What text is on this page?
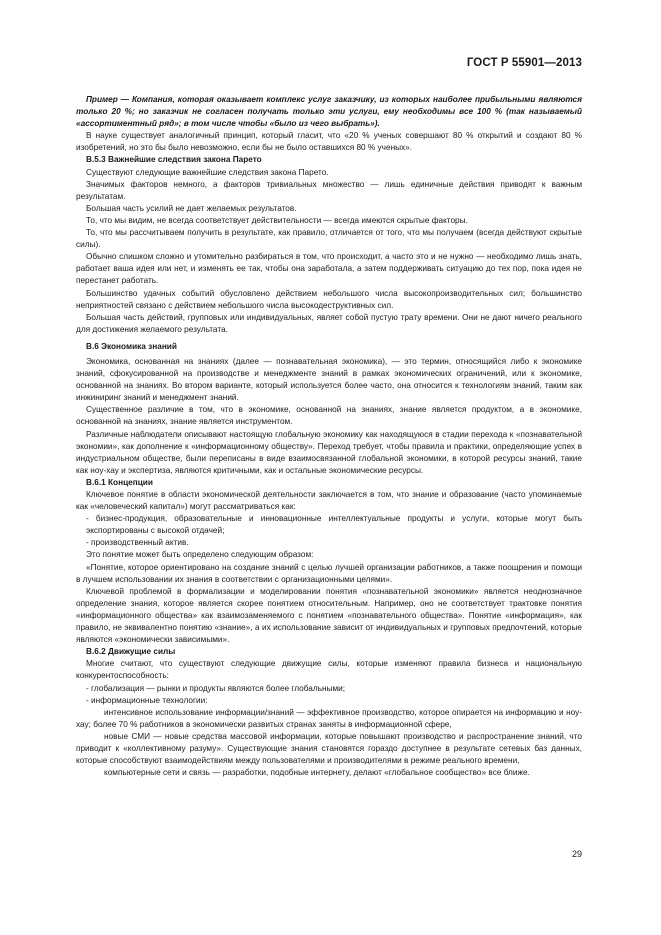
ГОСТ Р 55901—2013

Пример — Компания, которая оказывает комплекс услуг заказчику, из которых наиболее прибыльными являются только 20 %; но заказчик не согласен получать только эти услуги, ему необходимы все 100 % (так называемый «ассортиментный ряд»; в том числе чтобы «было из чего выбрать»).

В науке существует аналогичный принцип, который гласит, что «20 % ученых совершают 80 % открытий и создают 80 % изобретений, но это бы было невозможно, если бы не было оставшихся 80 % ученых».

В.5.3 Важнейшие следствия закона Парето

Существуют следующие важнейшие следствия закона Парето.

Значимых факторов немного, а факторов тривиальных множество — лишь единичные действия приводят к важным результатам.

Большая часть усилий не дает желаемых результатов.

То, что мы видим, не всегда соответствует действительности — всегда имеются скрытые факторы.

То, что мы рассчитываем получить в результате, как правило, отличается от того, что мы получаем (всегда действуют скрытые силы).

Обычно слишком сложно и утомительно разбираться в том, что происходит, а часто это и не нужно — необходимо лишь знать, работает ваша идея или нет, и изменять ее так, чтобы она заработала, а затем поддерживать ситуацию до тех пор, пока идея не перестанет работать.

Большинство удачных событий обусловлено действием небольшого числа высокопроизводительных сил; большинство неприятностей связано с действием небольшого числа высокодеструктивных сил.

Большая часть действий, групповых или индивидуальных, являет собой пустую трату времени. Они не дают ничего реального для достижения желаемого результата.

В.6 Экономика знаний

Экономика, основанная на знаниях (далее — познавательная экономика), — это термин, относящийся либо к экономике знаний, сфокусированной на производстве и менеджменте знаний в рамках экономических ограничений, или к экономике, основанной на знаниях. Во втором варианте, который используется более часто, она относится к технологиям знаний, таким как инжиниринг знаний и менеджмент знаний.

Существенное различие в том, что в экономике, основанной на знаниях, знание является продуктом, а в экономике, основанной на знаниях, знание является инструментом.

Различные наблюдатели описывают настоящую глобальную экономику как находящуюся в стадии перехода к «познавательной экономии», как дополнение к «информационному обществу». Переход требует, чтобы правила и практики, определяющие успех в индустриальном обществе, были переписаны в виде взаимосвязанной глобальной экономики, в которой ресурсы знаний, такие как ноу-хау и экспертиза, являются критичными, как и остальные экономические ресурсы.

В.6.1 Концепции

Ключевое понятие в области экономической деятельности заключается в том, что знание и образование (часто упоминаемые как «человеческий капитал») могут рассматриваться как:

- бизнес-продукция, образовательные и инновационные интеллектуальные продукты и услуги, которые могут быть экспортированы с высокой отдачей;

- производственный актив.

Это понятие может быть определено следующим образом:

«Понятие, которое ориентировано на создание знаний с целью лучшей организации работников, а также поощрения и помощи в лучшем использовании их знания в соответствии с организационными целями».

Ключевой проблемой в формализации и моделировании понятия «познавательной экономики» является неоднозначное определение знания, которое является скорее понятием относительным. Например, оно не соответствует трактовке понятия «информационного общества» как взаимозаменяемого с понятием «познавательного общества». Понятие «информация», как правило, не эквивалентно понятию «знание», а их использование зависит от индивидуальных и групповых предпочтений, которые являются «экономически зависимыми».

В.6.2 Движущие силы

Многие считают, что существуют следующие движущие силы, которые изменяют правила бизнеса и национальную конкурентоспособность:

- глобализация — рынки и продукты являются более глобальными;

- информационные технологии:

интенсивное использование информации/знаний — эффективное производство, которое опирается на информацию и ноу-хау; более 70 % работников в экономически развитых странах заняты в информационной сфере,

новые СМИ — новые средства массовой информации, которые повышают производство и распространение знаний, что приводит к «коллективному разуму». Существующие знания становятся гораздо доступнее в результате сетевых баз данных, которые способствуют взаимодействиям между пользователями и производителями в режиме реального времени,

компьютерные сети и связь — разработки, подобные интернету, делают «глобальное сообщество» все ближе.

29
